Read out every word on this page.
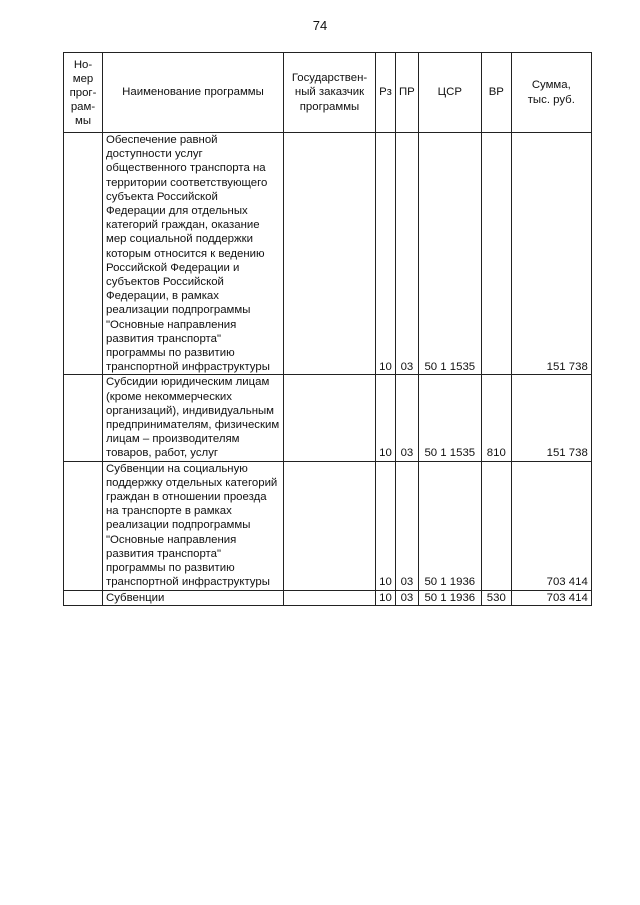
74
Но-
мер
прог-
рам-
мы	Наименование программы	Государствен-
ный заказчик
программы	Рз	ПР	ЦСР	ВР	Сумма,
тыс. руб.
	Обеспечение равной доступности услуг общественного транспорта на территории соответствующего субъекта Российской Федерации для отдельных категорий граждан, оказание мер социальной поддержки которым относится к ведению Российской Федерации и субъектов Российской Федерации, в рамках реализации подпрограммы "Основные направления развития транспорта" программы по развитию транспортной инфраструктуры		10	03	50 1 1535		151 738
	Субсидии юридическим лицам (кроме некоммерческих организаций), индивидуальным предпринимателям, физическим лицам – производителям товаров, работ, услуг		10	03	50 1 1535	810	151 738
	Субвенции на социальную поддержку отдельных категорий граждан в отношении проезда на транспорте в рамках реализации подпрограммы "Основные направления развития транспорта" программы по развитию транспортной инфраструктуры		10	03	50 1 1936		703 414
	Субвенции		10	03	50 1 1936	530	703 414
